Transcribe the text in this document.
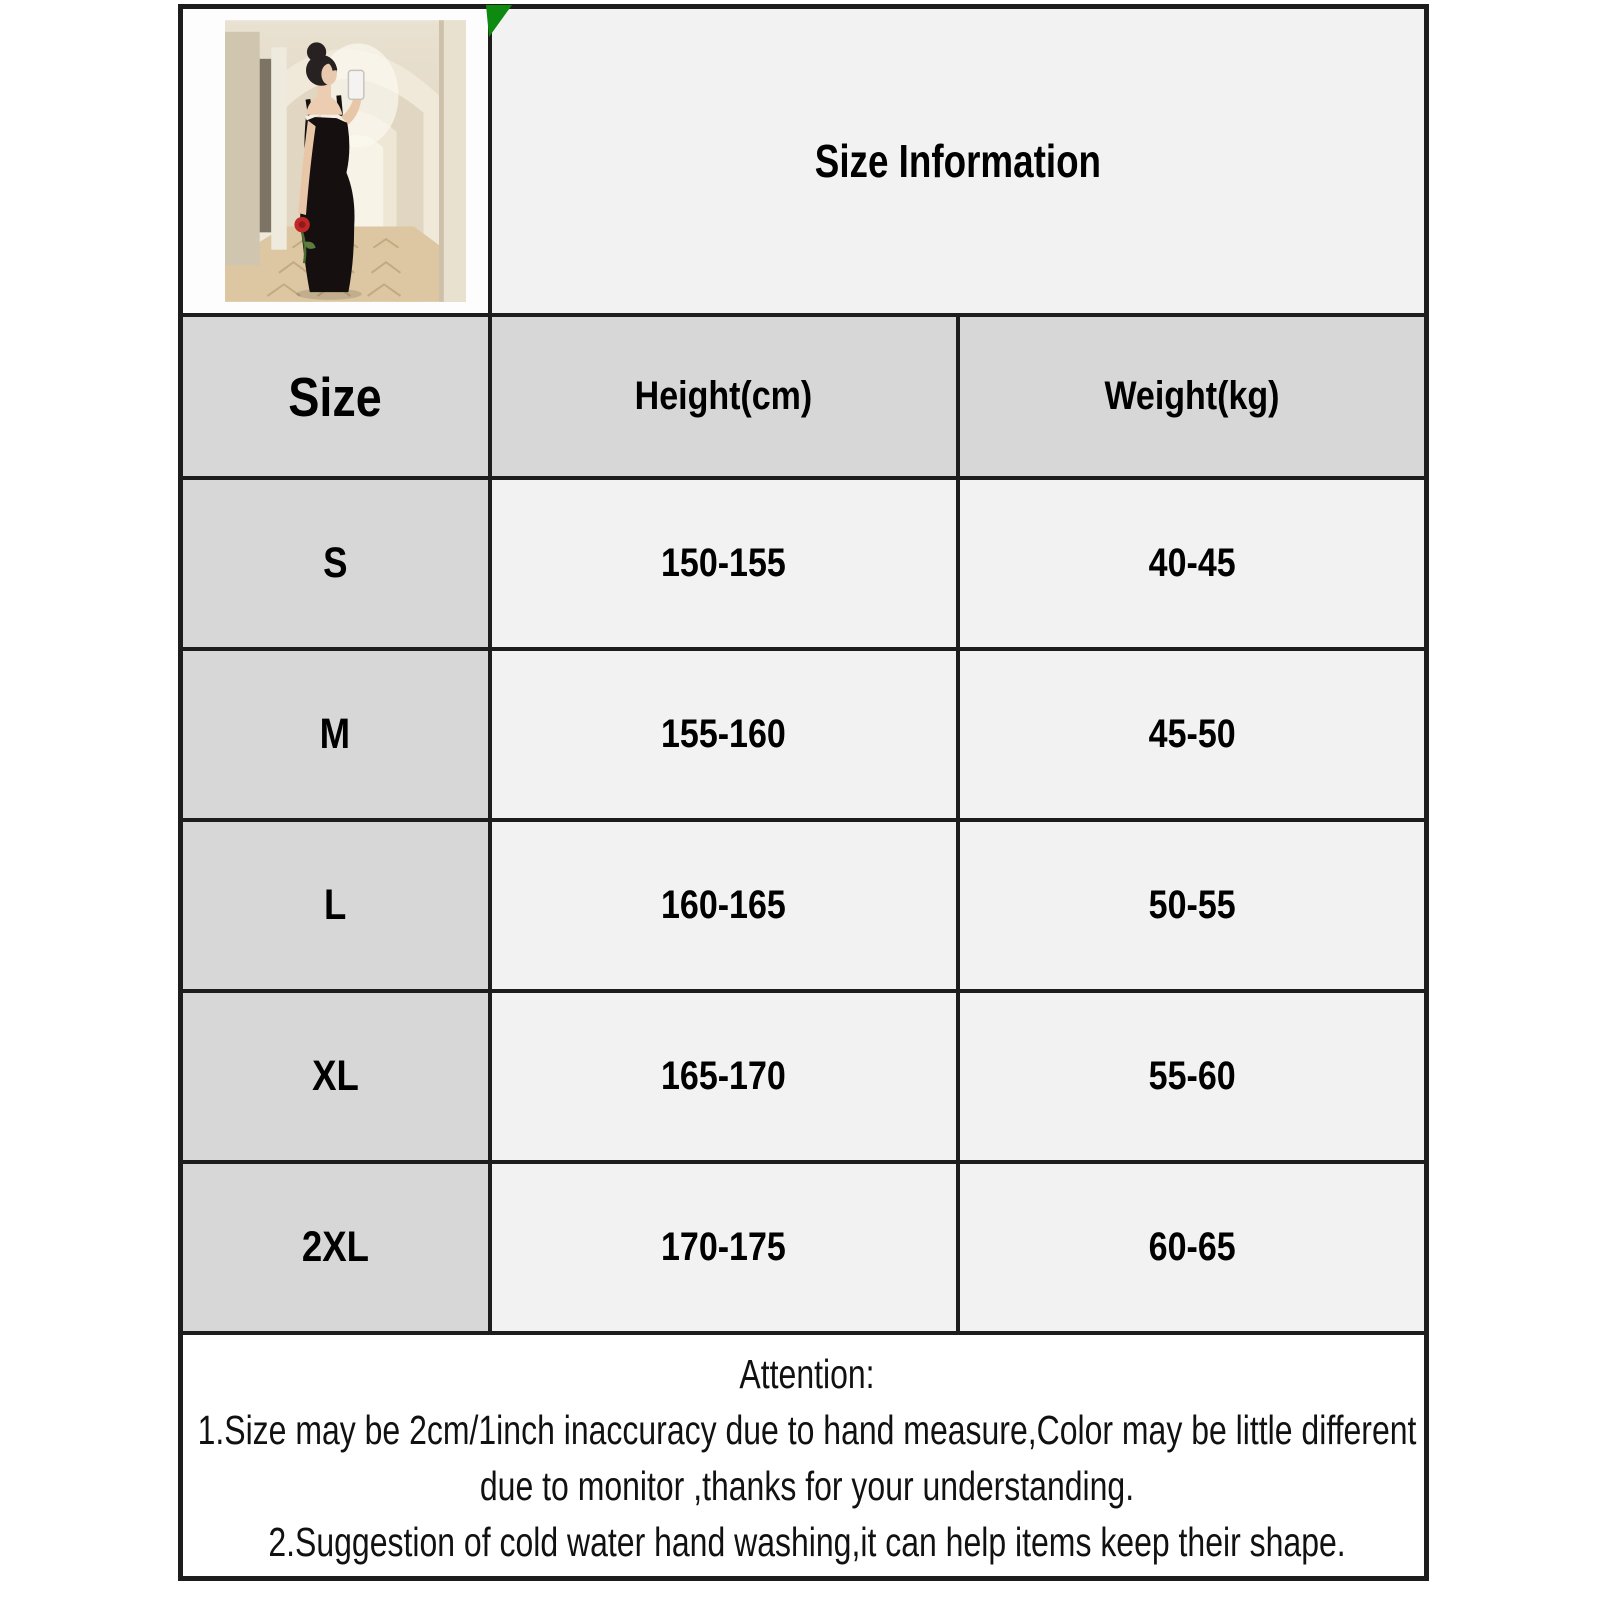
	Size Information	
Size	Height(cm)	Weight(kg)
S	150-155	40-45
M	155-160	45-50
L	160-165	50-55
XL	165-170	55-60
2XL	170-175	60-65

Attention:

1.Size may be 2cm/1inch inaccuracy due to hand measure,Color may be little different due to monitor ,thanks for your understanding.

2.Suggestion of cold water hand washing,it can help items keep their shape.		
